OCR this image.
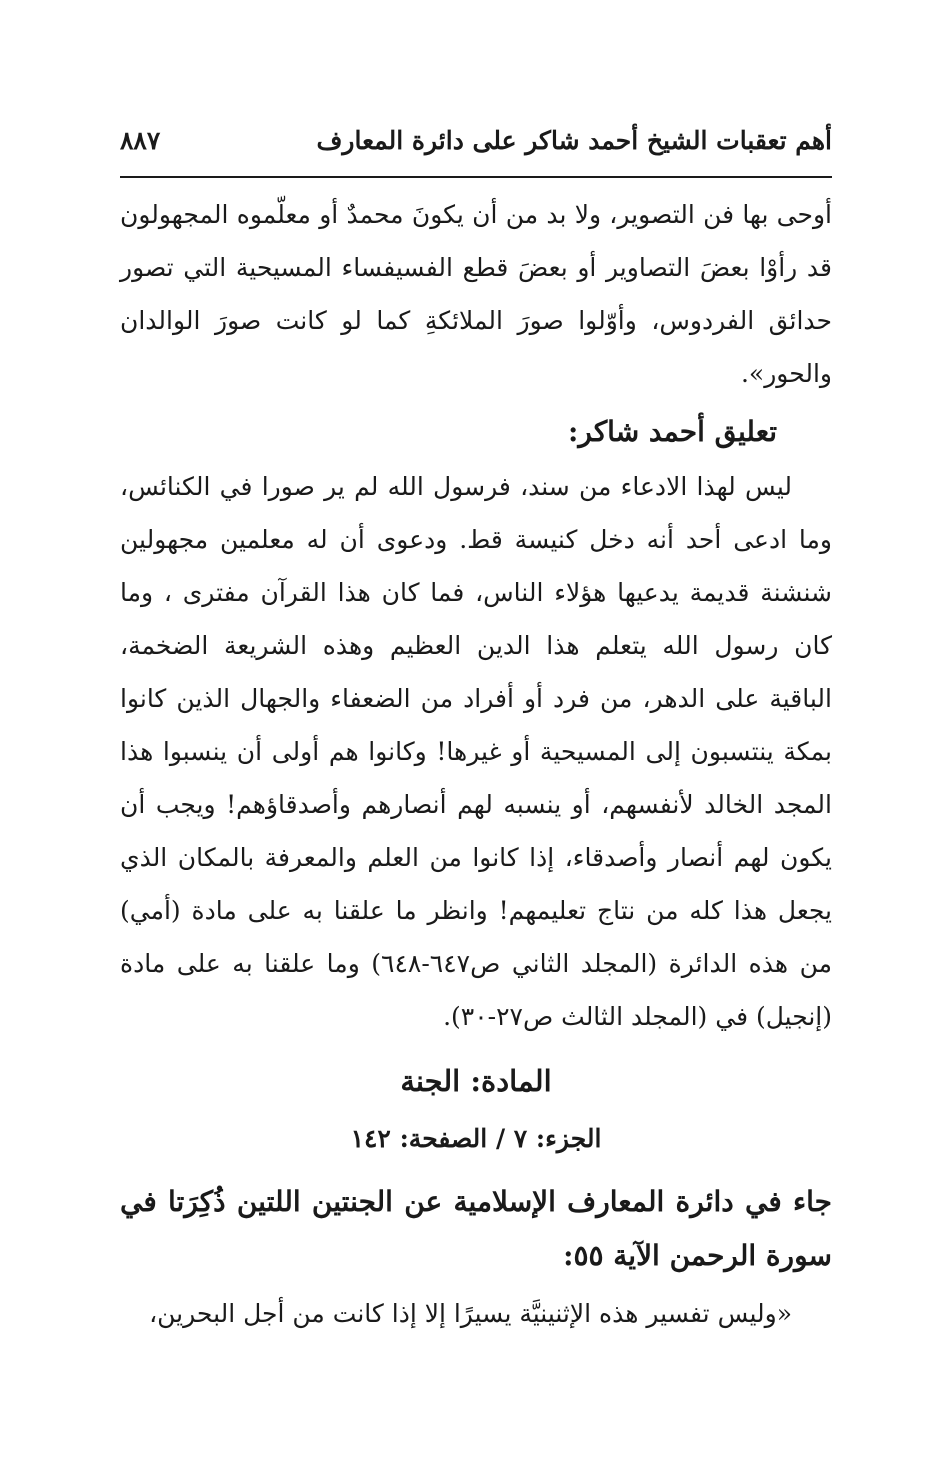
أهم تعقبات الشيخ أحمد شاكر على دائرة المعارف
٨٨٧

أوحى بها فن التصوير، ولا بد من أن يكونَ محمدٌ أو معلّموه المجهولون قد رأوْا بعضَ التصاوير أو بعضَ قطع الفسيفساء المسيحية التي تصور حدائق الفردوس، وأوّلوا صورَ الملائكةِ كما لو كانت صورَ الوالدان والحور».

تعليق أحمد شاكر:

ليس لهذا الادعاء من سند، فرسول الله لم ير صورا في الكنائس، وما ادعى أحد أنه دخل كنيسة قط. ودعوى أن له معلمين مجهولين شنشنة قديمة يدعيها هؤلاء الناس، فما كان هذا القرآن مفترى ، وما كان رسول الله يتعلم هذا الدين العظيم وهذه الشريعة الضخمة، الباقية على الدهر، من فرد أو أفراد من الضعفاء والجهال الذين كانوا بمكة ينتسبون إلى المسيحية أو غيرها! وكانوا هم أولى أن ينسبوا هذا المجد الخالد لأنفسهم، أو ينسبه لهم أنصارهم وأصدقاؤهم! ويجب أن يكون لهم أنصار وأصدقاء، إذا كانوا من العلم والمعرفة بالمكان الذي يجعل هذا كله من نتاج تعليمهم! وانظر ما علقنا به على مادة (أمي) من هذه الدائرة (المجلد الثاني ص٦٤٧-٦٤٨) وما علقنا به على مادة (إنجيل) في (المجلد الثالث ص٢٧-٣٠).

المادة: الجنة

الجزء: ٧ / الصفحة: ١٤٢

جاء في دائرة المعارف الإسلامية عن الجنتين اللتين ذُكِرَتا في سورة الرحمن الآية ٥٥:

«وليس تفسير هذه الإثنينيَّة يسيرًا إلا إذا كانت من أجل البحرين،
